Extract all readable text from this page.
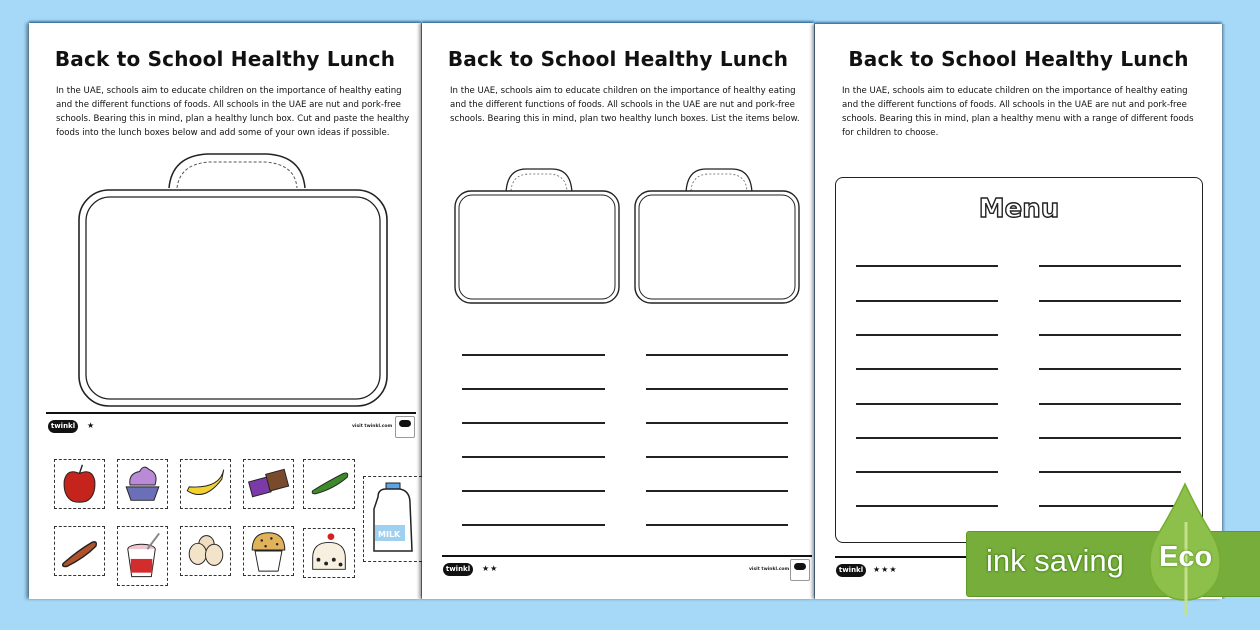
Back to School Healthy Lunch
In the UAE, schools aim to educate children on the importance of healthy eating
and the different functions of foods. All schools in the UAE are nut and pork-free
schools. Bearing this in mind, plan a healthy lunch box. Cut and paste the healthy
foods into the lunch boxes below and add some of your own ideas if possible.
twinkl	★	visit twinkl.com
MILK
Back to School Healthy Lunch
In the UAE, schools aim to educate children on the importance of healthy eating
and the different functions of foods. All schools in the UAE are nut and pork-free
schools. Bearing this in mind, plan two healthy lunch boxes. List the items below.
twinkl	★★	visit twinkl.com
Back to School Healthy Lunch
In the UAE, schools aim to educate children on the importance of healthy eating
and the different functions of foods. All schools in the UAE are nut and pork-free
schools. Bearing this in mind, plan a healthy menu with a range of different foods
for children to choose.
Menu
twinkl	★★★	ink saving Eco
